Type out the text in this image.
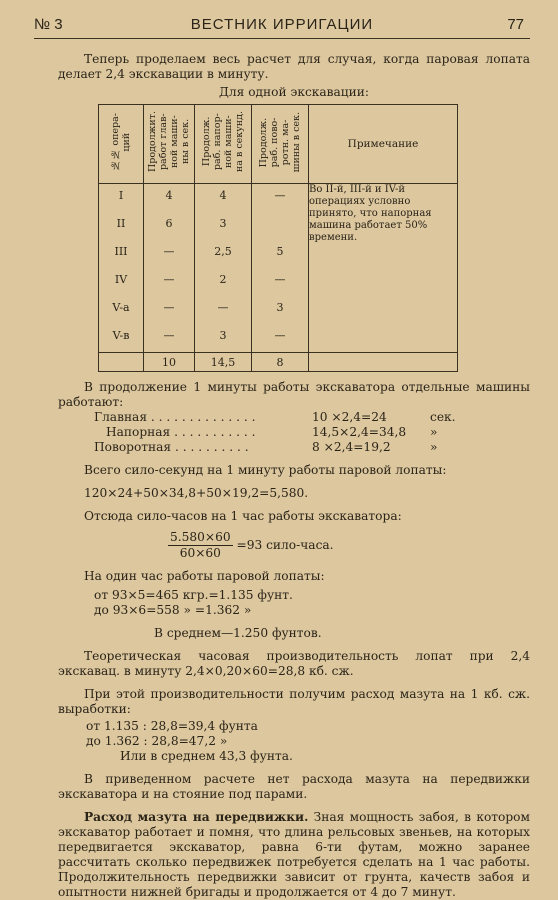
№ 3	ВЕСТНИК ИРРИГАЦИИ	77

Теперь проделаем весь расчет для случая, когда паровая лопата делает 2,4 экскавации в минуту.

Для одной экскавации:

№№ опера-
ций	Продолжит.
работ глав-
ной маши-
ны в сек.	Продолж.
раб. напор-
ной маши-
на в секунд.	Продолж.
раб. пово-
ротн. ма-
шины в сек.	Примечание
I	4	4	—	Во II-й, III-й и IV-й операциях условно принято, что напорная машина работает 50% времени.
II	6	3		
III	—	2,5	5	
IV	—	2	—	
V-a	—	—	3	
V-в	—	3	—	
	10	14,5	8	

В продолжение 1 минуты работы экскаватора отдельные машины работают:

Главная . . . . . . . . . . . . . .	10 ×2,4=24	сек.
Напорная . . . . . . . . . . .	14,5×2,4=34,8	»
Поворотная . . . . . . . . . .	8 ×2,4=19,2	»

Всего сило-секунд на 1 минуту работы паровой лопаты:

120×24+50×34,8+50×19,2=5,580.

Отсюда сило-часов на 1 час работы экскаватора:

$\frac{5.580\times 60}{60\times 60} =93$ сило-часа.

На один час работы паровой лопаты:

от 93×5=465 кгр.=1.135 фунт.
до 93×6=558 » =1.362 »

В среднем—1.250 фунтов.

Теоретическая часовая производительность лопат при 2,4 экскавац. в минуту 2,4×0,20×60=28,8 кб. сж.

При этой производительности получим расход мазута на 1 кб. сж. выработки:

от 1.135 : 28,8=39,4 фунта
до 1.362 : 28,8=47,2 »

Или в среднем 43,3 фунта.

В приведенном расчете нет расхода мазута на передвижки экскаватора и на стояние под парами.

Расход мазута на передвижки. Зная мощность забоя, в котором экскаватор работает и помня, что длина рельсовых звеньев, на которых передвигается экскаватор, равна 6-ти футам, можно заранее рассчитать сколько передвижек потребуется сделать на 1 час работы. Продолжительность передвижки зависит от грунта, качеств забоя и опытности нижней бригады и продолжается от 4 до 7 минут.
